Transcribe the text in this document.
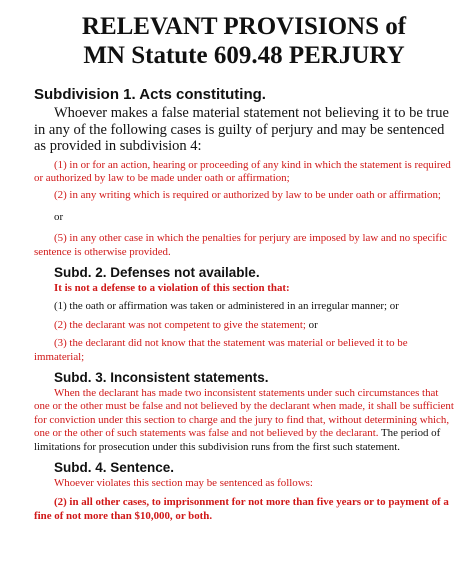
RELEVANT PROVISIONS of
MN Statute 609.48 PERJURY
Subdivision 1. Acts constituting.

Whoever makes a false material statement not believing it to be true in any of the following cases is guilty of perjury and may be sentenced as provided in subdivision 4:

(1) in or for an action, hearing or proceeding of any kind in which the statement is required or authorized by law to be made under oath or affirmation;

(2) in any writing which is required or authorized by law to be under oath or affirmation;

or

(5) in any other case in which the penalties for perjury are imposed by law and no specific sentence is otherwise provided.

Subd. 2. Defenses not available.

It is not a defense to a violation of this section that:

(1) the oath or affirmation was taken or administered in an irregular manner; or

(2) the declarant was not competent to give the statement; or

(3) the declarant did not know that the statement was material or believed it to be immaterial;

Subd. 3. Inconsistent statements.

When the declarant has made two inconsistent statements under such circumstances that one or the other must be false and not believed by the declarant when made, it shall be sufficient for conviction under this section to charge and the jury to find that, without determining which, one or the other of such statements was false and not believed by the declarant. The period of limitations for prosecution under this subdivision runs from the first such statement.

Subd. 4. Sentence.

Whoever violates this section may be sentenced as follows:

(2) in all other cases, to imprisonment for not more than five years or to payment of a fine of not more than $10,000, or both.
